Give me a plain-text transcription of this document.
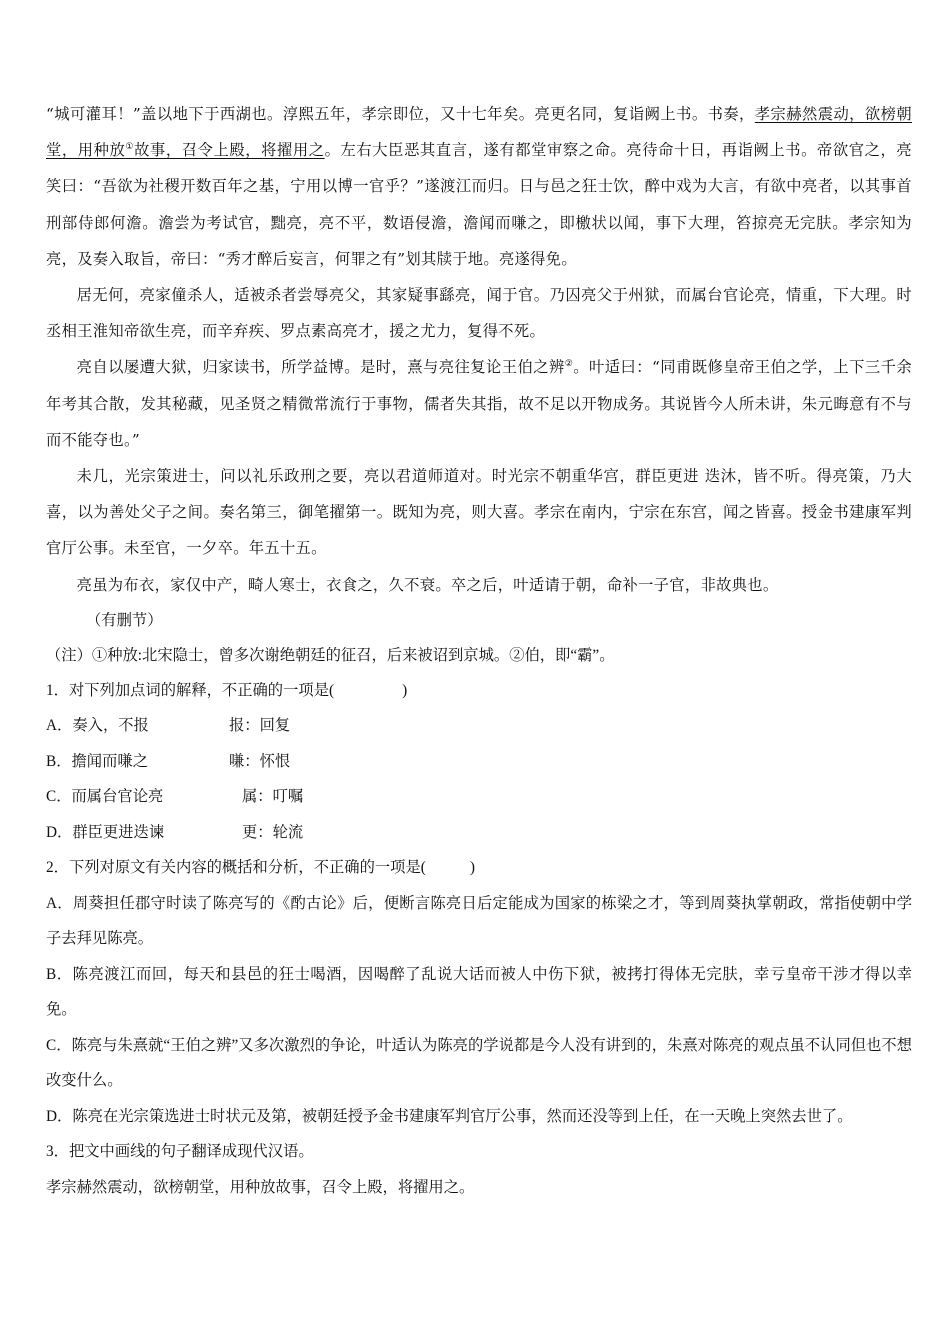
“城可灌耳！”盖以地下于西湖也。淳熙五年，孝宗即位，又十七年矣。亮更名同，复诣阙上书。书奏，孝宗赫然震动，欲榜朝堂，用种放①故事，召令上殿，将擢用之。左右大臣恶其直言，遂有都堂审察之命。亮待命十日，再诣阙上书。帝欲官之，亮笑曰：“吾欲为社稷开数百年之基，宁用以博一官乎？”遂渡江而归。日与邑之狂士饮，醉中戏为大言，有欲中亮者，以其事首刑部侍郎何澹。澹尝为考试官，黜亮，亮不平，数语侵澹，澹闻而嗛之，即檄状以闻，事下大理，笞掠亮无完肤。孝宗知为亮，及奏入取旨，帝曰：“秀才醉后妄言，何罪之有”划其牍于地。亮遂得免。

居无何，亮家僮杀人，适被杀者尝辱亮父，其家疑事繇亮，闻于官。乃囚亮父于州狱，而属台官论亮，情重，下大理。时丞相王淮知帝欲生亮，而辛弃疾、罗点素高亮才，援之尤力，复得不死。

亮自以屡遭大狱，归家读书，所学益博。是时，熹与亮往复论王伯之辨②。叶适曰：“同甫既修皇帝王伯之学，上下三千余年考其合散，发其秘藏，见圣贤之精微常流行于事物，儒者失其指，故不足以开物成务。其说皆今人所未讲，朱元晦意有不与而不能夺也。”

未几，光宗策进士，问以礼乐政刑之要，亮以君道师道对。时光宗不朝重华宫，群臣更进 迭沐，皆不听。得亮策，乃大喜，以为善处父子之间。奏名第三，御笔擢第一。既知为亮，则大喜。孝宗在南内，宁宗在东宫，闻之皆喜。授金书建康军判官厅公事。未至官，一夕卒。年五十五。

亮虽为布衣，家仅中产，畸人寒士，衣食之，久不衰。卒之后，叶适请于朝，命补一子官，非故典也。

（有删节）

（注）①种放:北宋隐士，曾多次谢绝朝廷的征召，后来被诏到京城。②伯，即“霸”。

1．对下列加点词的解释，不正确的一项是(	)

A．奏入，不报	报：回复

B．擔闻而嗛之	嗛：怀恨

C．而属台官论亮	属：叮嘱

D．群臣更进迭谏	更：轮流

2．下列对原文有关内容的概括和分析，不正确的一项是(	)

A．周葵担任郡守时读了陈亮写的《酌古论》后，便断言陈亮日后定能成为国家的栋梁之才，等到周葵执掌朝政，常指使朝中学子去拜见陈亮。

B．陈亮渡江而回，每天和县邑的狂士喝酒，因喝醉了乱说大话而被人中伤下狱，被拷打得体无完肤，幸亏皇帝干涉才得以幸免。

C．陈亮与朱熹就“王伯之辨”又多次激烈的争论，叶适认为陈亮的学说都是今人没有讲到的，朱熹对陈亮的观点虽不认同但也不想改变什么。

D．陈亮在光宗策选进士时状元及第，被朝廷授予金书建康军判官厅公事，然而还没等到上任，在一天晚上突然去世了。

3．把文中画线的句子翻译成现代汉语。

孝宗赫然震动，欲榜朝堂，用种放故事，召令上殿，将擢用之。
